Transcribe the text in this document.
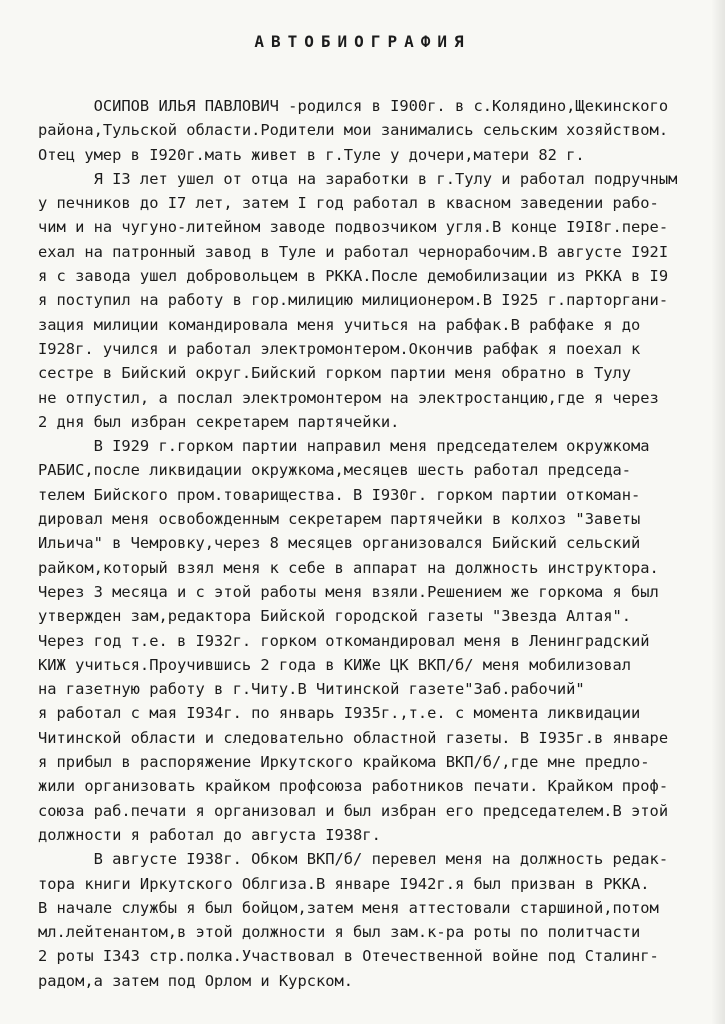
АВТОБИОГРАФИЯ
ОСИПОВ ИЛЬЯ ПАВЛОВИЧ -родился в I900г. в с.Колядино,Щекинского
района,Тульской области.Родители мои занимались сельским хозяйством.
Отец умер в I920г.мать живет в г.Туле у дочери,матери 82 г.
Я I3 лет ушел от отца на заработки в г.Тулу и работал подручным
у печников до I7 лет, затем I год работал в квасном заведении рабо-
чим и на чугуно-литейном заводе подвозчиком угля.В конце I9I8г.пере-
ехал на патронный завод в Туле и работал чернорабочим.В августе I92I
я с завода ушел добровольцем в РККА.После демобилизации из РККА в I9
я поступил на работу в гор.милицию милиционером.В I925 г.парторгани-
зация милиции командировала меня учиться на рабфак.В рабфаке я до
I928г. учился и работал электромонтером.Окончив рабфак я поехал к
сестре в Бийский округ.Бийский горком партии меня обратно в Тулу
не отпустил, а послал электромонтером на электростанцию,где я через
2 дня был избран секретарем партячейки.
В I929 г.горком партии направил меня председателем окружкома
РАБИС,после ликвидации окружкома,месяцев шесть работал председа-
телем Бийского пром.товарищества. В I930г. горком партии откоман-
дировал меня освобожденным секретарем партячейки в колхоз "Заветы
Ильича" в Чемровку,через 8 месяцев организовался Бийский сельский
райком,который взял меня к себе в аппарат на должность инструктора.
Через 3 месяца и с этой работы меня взяли.Решением же горкома я был
утвержден зам,редактора Бийской городской газеты "Звезда Алтая".
Через год т.е. в I932г. горком откомандировал меня в Ленинградский
КИЖ учиться.Проучившись 2 года в КИЖе ЦК ВКП/б/ меня мобилизовал
на газетную работу в г.Читу.В Читинской газете"Заб.рабочий"
я работал с мая I934г. по январь I935г.,т.е. с момента ликвидации
Читинской области и следовательно областной газеты. В I935г.в январе
я прибыл в распоряжение Иркутского крайкома ВКП/б/,где мне предло-
жили организовать крайком профсоюза работников печати. Крайком проф-
союза раб.печати я организовал и был избран его председателем.В этой
должности я работал до августа I938г.
В августе I938г. Обком ВКП/б/ перевел меня на должность редак-
тора книги Иркутского Облгиза.В январе I942г.я был призван в РККА.
В начале службы я был бойцом,затем меня аттестовали старшиной,потом
мл.лейтенантом,в этой должности я был зам.к-ра роты по политчасти
2 роты I343 стр.полка.Участвовал в Отечественной войне под Сталинг-
радом,а затем под Орлом и Курском.
